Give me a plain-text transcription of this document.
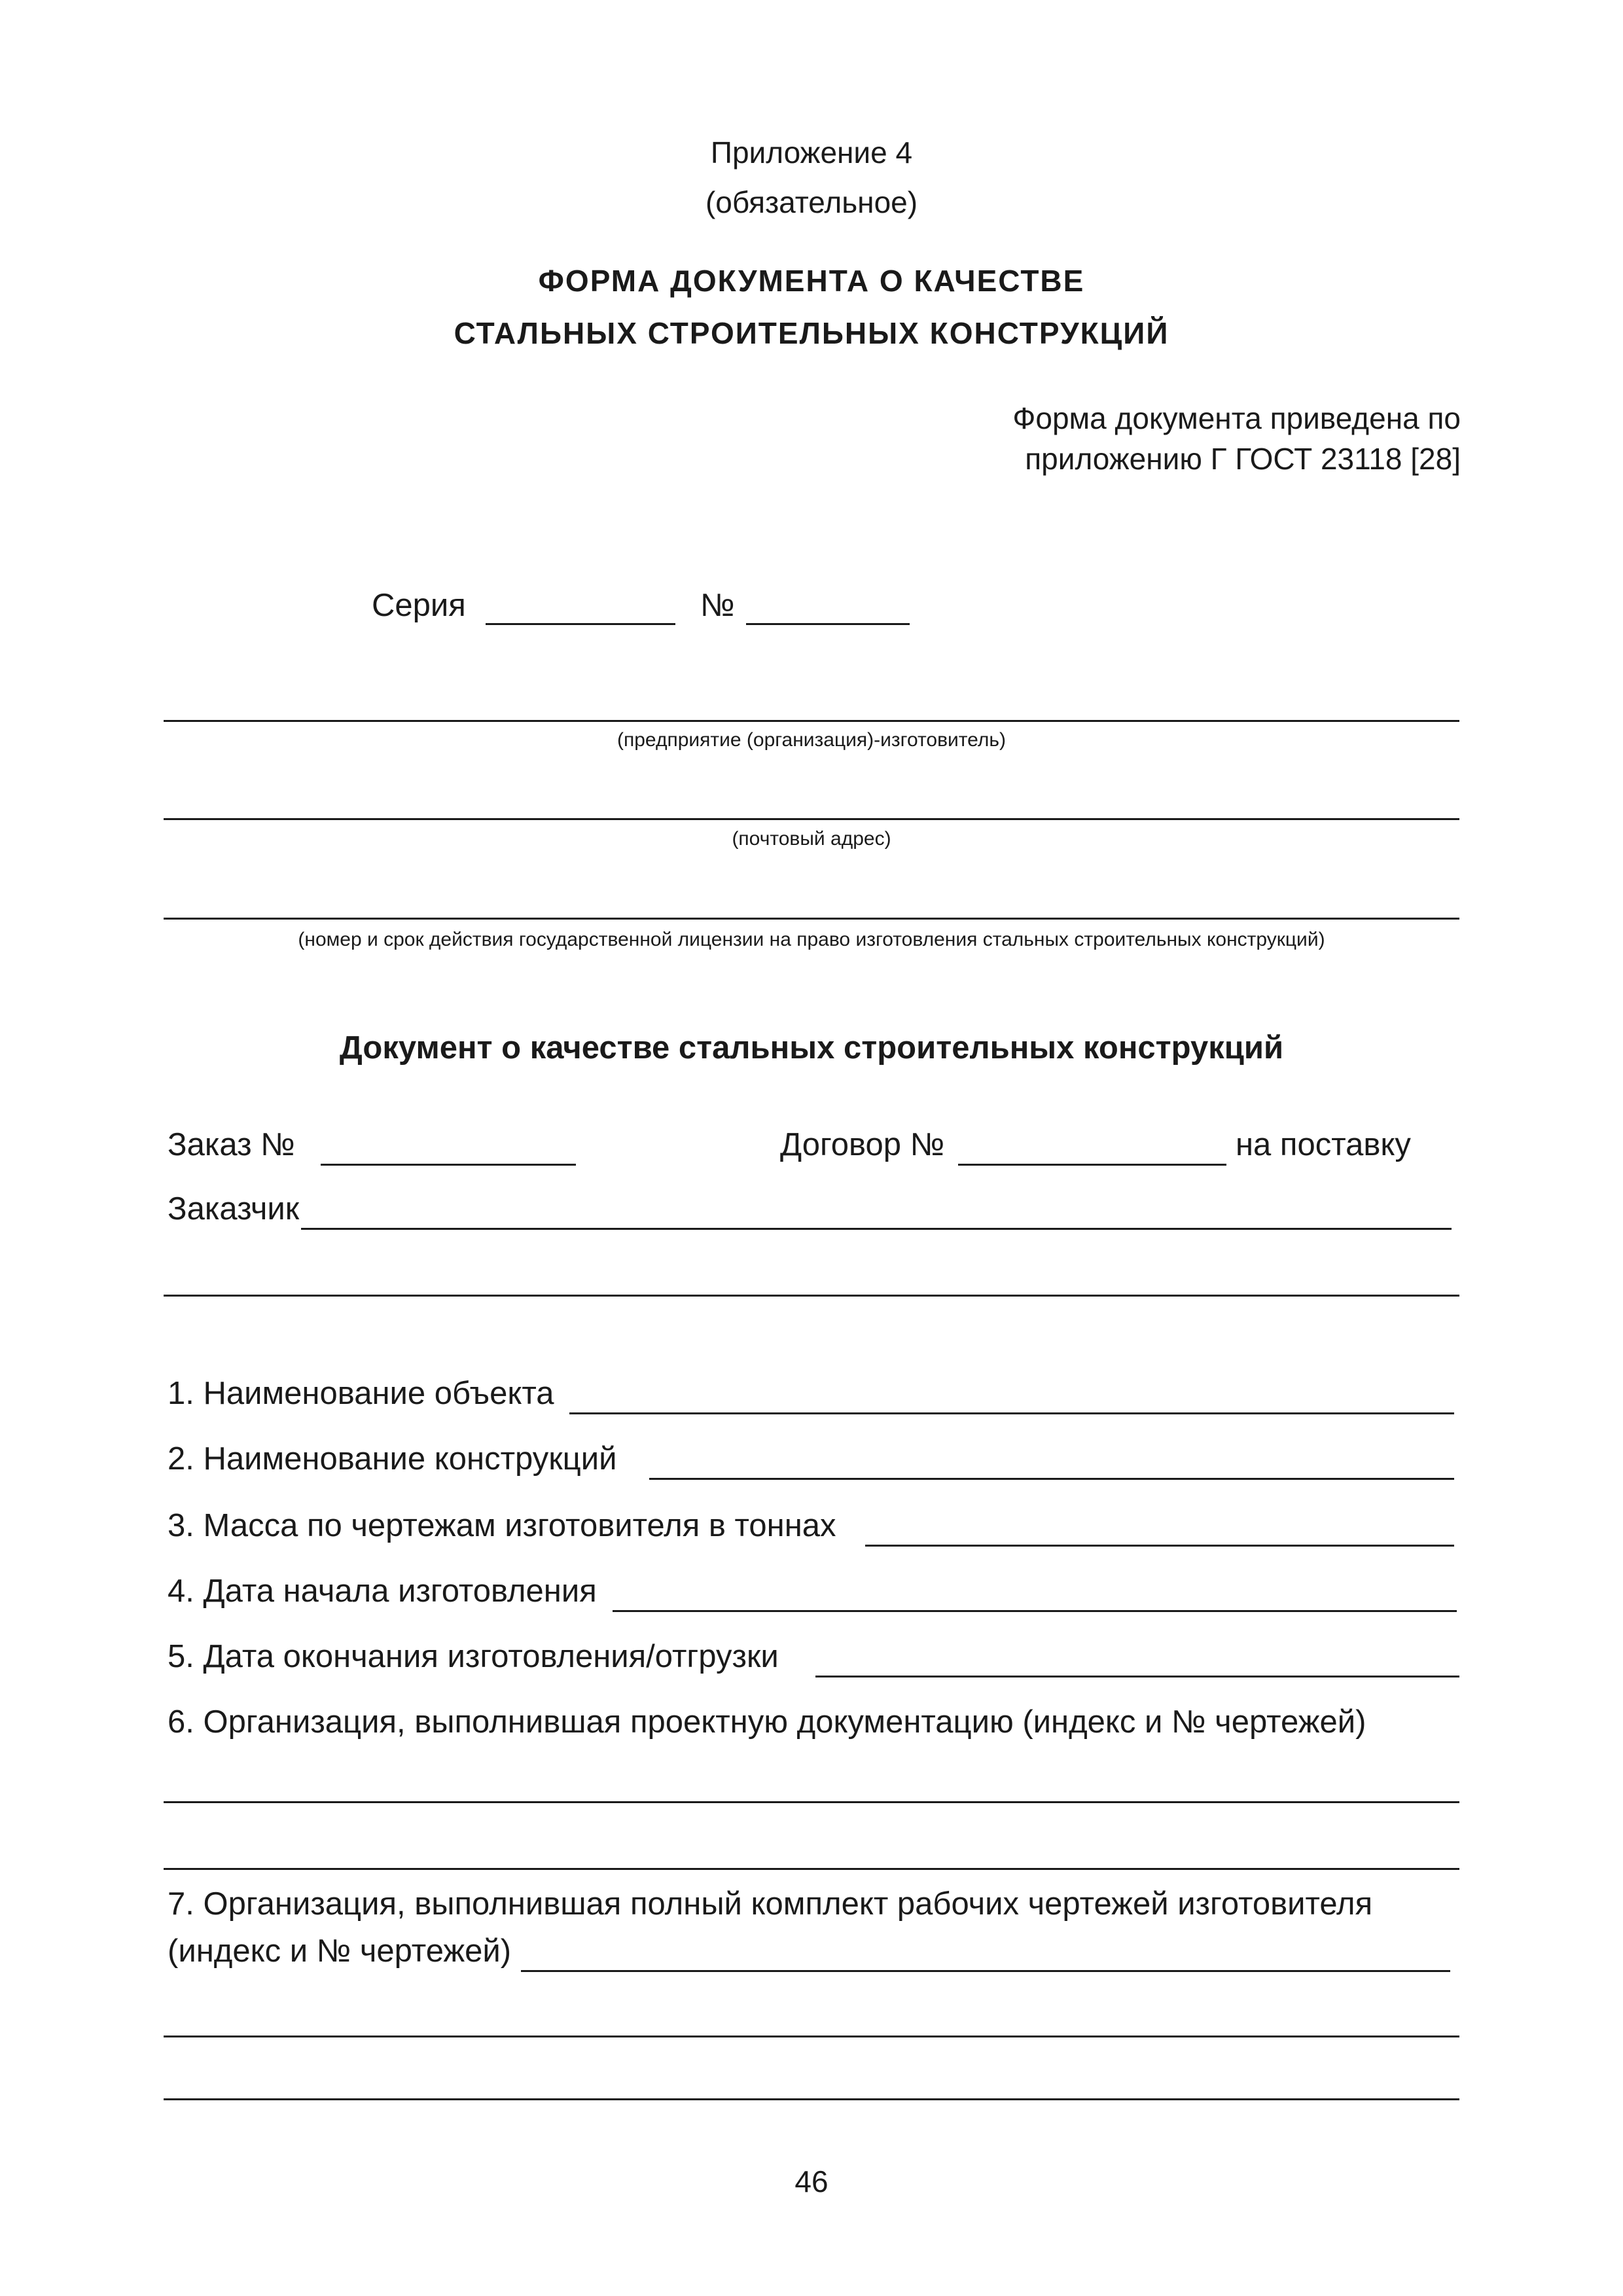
Приложение 4
(обязательное)
ФОРМА ДОКУМЕНТА О КАЧЕСТВЕ
СТАЛЬНЫХ СТРОИТЕЛЬНЫХ КОНСТРУКЦИЙ
Форма документа приведена по
приложению Г ГОСТ 23118 [28]
Серия	№
(предприятие (организация)-изготовитель)
(почтовый адрес)
(номер и срок действия государственной лицензии на право изготовления стальных строительных конструкций)
Документ о качестве стальных строительных конструкций
Заказ №	Договор №	на поставку
Заказчик
1. Наименование объекта
2. Наименование конструкций
3. Масса по чертежам изготовителя в тоннах
4. Дата начала изготовления
5. Дата окончания изготовления/отгрузки
6. Организация, выполнившая проектную документацию (индекс и № чертежей)
7. Организация, выполнившая полный комплект рабочих чертежей изготовителя
(индекс и № чертежей)
46
